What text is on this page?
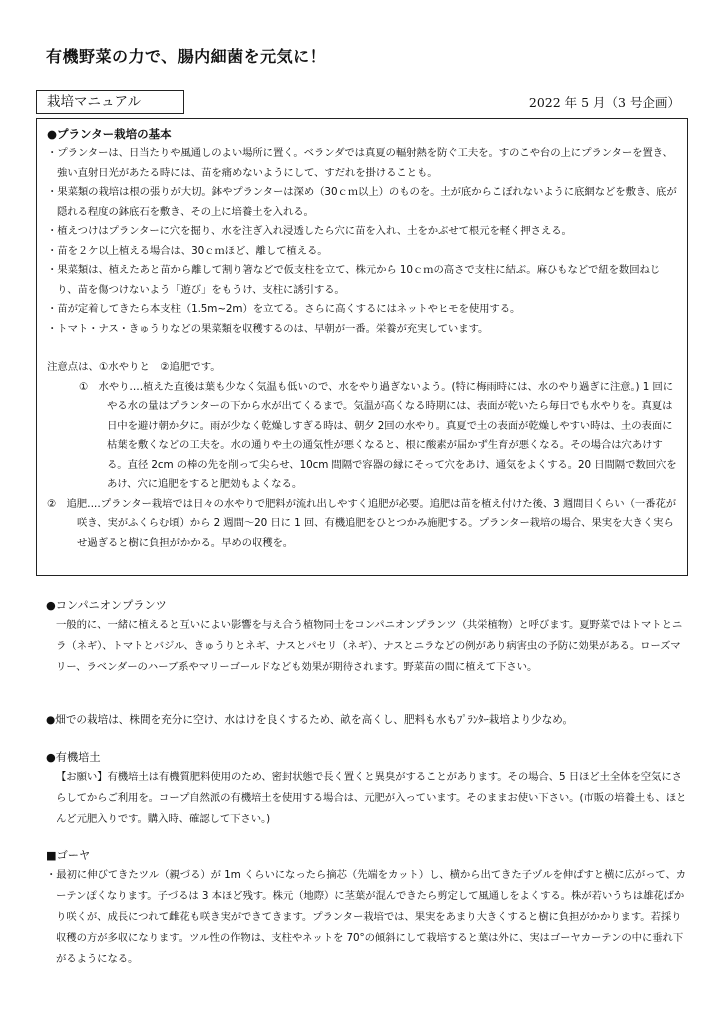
有機野菜の力で、腸内細菌を元気に！
栽培マニュアル	2022 年 5 月（3 号企画）
●プランター栽培の基本
・プランターは、日当たりや風通しのよい場所に置く。ベランダでは真夏の輻射熱を防ぐ工夫を。すのこや台の上にプランターを置き、強い直射日光があたる時には、苗を痛めないようにして、すだれを掛けることも。
・果菜類の栽培は根の張りが大切。鉢やプランターは深め（30ｃｍ以上）のものを。土が底からこぼれないように底網などを敷き、底が隠れる程度の鉢底石を敷き、その上に培養土を入れる。
・植えつけはプランターに穴を掘り、水を注ぎ入れ浸透したら穴に苗を入れ、土をかぶせて根元を軽く押さえる。
・苗を２ケ以上植える場合は、30ｃｍほど、離して植える。
・果菜類は、植えたあと苗から離して割り箸などで仮支柱を立て、株元から 10ｃｍの高さで支柱に結ぶ。麻ひもなどで紐を数回ねじり、苗を傷つけないよう「遊び」をもうけ、支柱に誘引する。
・苗が定着してきたら本支柱（1.5m~2m）を立てる。さらに高くするにはネットやヒモを使用する。
・トマト・ナス・きゅうりなどの果菜類を収穫するのは、早朝が一番。栄養が充実しています。
注意点は、①水やりと　②追肥です。
①　水やり‥‥植えた直後は葉も少なく気温も低いので、水をやり過ぎないよう。(特に梅雨時には、水のやり過ぎに注意。) 1 回にやる水の量はプランターの下から水が出てくるまで。気温が高くなる時期には、表面が乾いたら毎日でも水やりを。真夏は日中を避け朝か夕に。雨が少なく乾燥しすぎる時は、朝夕 2回の水やり。真夏で土の表面が乾燥しやすい時は、土の表面に枯葉を敷くなどの工夫を。水の通りや土の通気性が悪くなると、根に酸素が届かず生育が悪くなる。その場合は穴あけする。直径 2cm の棒の先を削って尖らせ、10cm 間隔で容器の縁にそって穴をあけ、通気をよくする。20 日間隔で数回穴をあけ、穴に追肥をすると肥効もよくなる。
②　追肥‥‥プランター栽培では日々の水やりで肥料が流れ出しやすく追肥が必要。追肥は苗を植え付けた後、3 週間目くらい（一番花が咲き、実がふくらむ頃）から 2 週間～20 日に 1 回、有機追肥をひとつかみ施肥する。プランター栽培の場合、果実を大きく実らせ過ぎると樹に負担がかかる。早めの収穫を。
●コンパニオンプランツ
一般的に、一緒に植えると互いによい影響を与え合う植物同士をコンパニオンプランツ（共栄植物）と呼びます。夏野菜ではトマトとニラ（ネギ）、トマトとバジル、きゅうりとネギ、ナスとパセリ（ネギ）、ナスとニラなどの例があり病害虫の予防に効果がある。ローズマリー、ラベンダーのハーブ系やマリーゴールドなども効果が期待されます。野菜苗の間に植えて下さい。
●畑での栽培は、株間を充分に空け、水はけを良くするため、畝を高くし、肥料も水もﾌﾟﾗﾝﾀｰ栽培より少なめ。
●有機培土
【お願い】有機培土は有機質肥料使用のため、密封状態で長く置くと異臭がすることがあります。その場合、5 日ほど土全体を空気にさらしてからご利用を。コープ自然派の有機培土を使用する場合は、元肥が入っています。そのままお使い下さい。(市販の培養土も、ほとんど元肥入りです。購入時、確認して下さい。)
■ゴーヤ
・最初に伸びてきたツル（親づる）が 1m くらいになったら摘芯（先端をカット）し、横から出てきた子ヅルを伸ばすと横に広がって、カーテンぽくなります。子づるは 3 本ほど残す。株元（地際）に茎葉が混んできたら剪定して風通しをよくする。株が若いうちは雄花ばかり咲くが、成長につれて雌花も咲き実ができてきます。プランター栽培では、果実をあまり大きくすると樹に負担がかかります。若採り収穫の方が多収になります。ツル性の作物は、支柱やネットを 70°の傾斜にして栽培すると葉は外に、実はゴーヤカーテンの中に垂れ下がるようになる。
